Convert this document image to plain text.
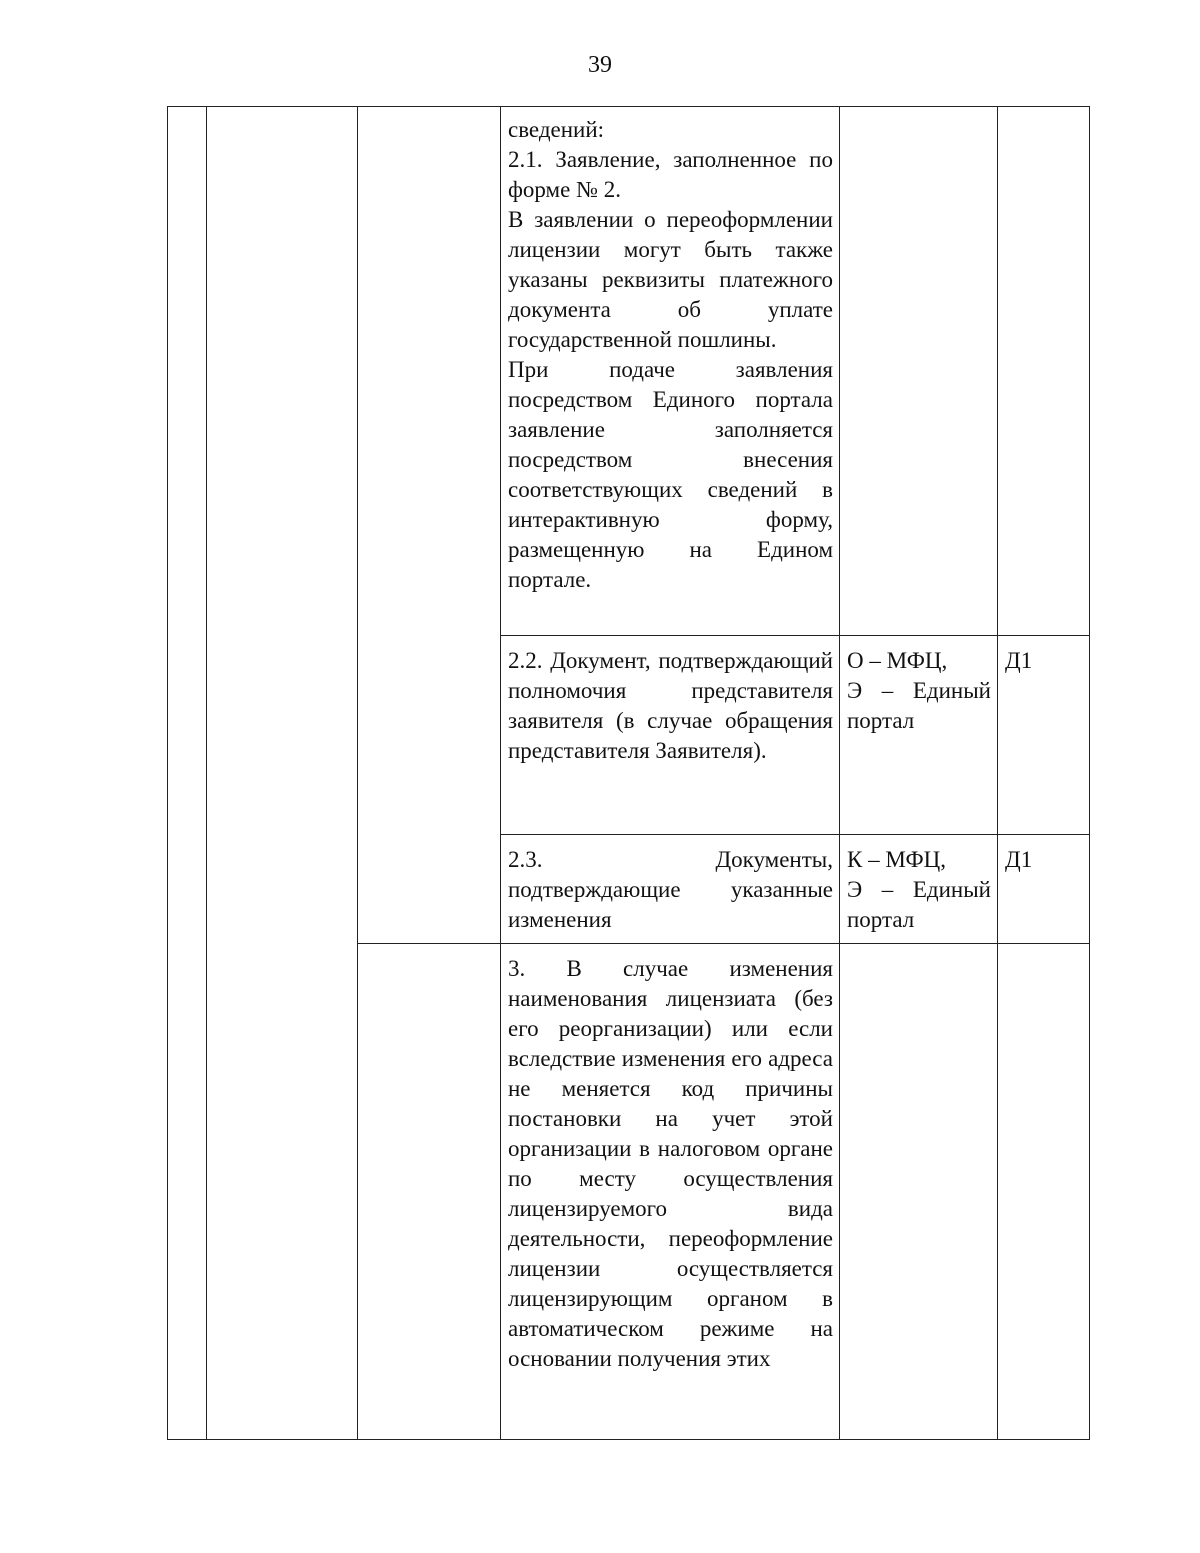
39

			сведений:
2.1. Заявление, заполненное по форме № 2.
В заявлении о переоформлении лицензии могут быть также указаны реквизиты платежного документа об уплате государственной пошлины.
При подаче заявления посредством Единого портала заявление заполняется посредством внесения соответствующих сведений в интерактивную форму, размещенную на Едином портале.		

			2.2. Документ, подтверждающий полномочия представителя заявителя (в случае обращения представителя Заявителя).	О – МФЦ,
Э – Единый портал	Д1

			2.3. Документы, подтверждающие указанные изменения	К – МФЦ,
Э – Единый портал	Д1

			3. В случае изменения наименования лицензиата (без его реорганизации) или если вследствие изменения его адреса не меняется код причины постановки на учет этой организации в налоговом органе по месту осуществления лицензируемого вида деятельности, переоформление лицензии осуществляется лицензирующим органом в автоматическом режиме на основании получения этих		
